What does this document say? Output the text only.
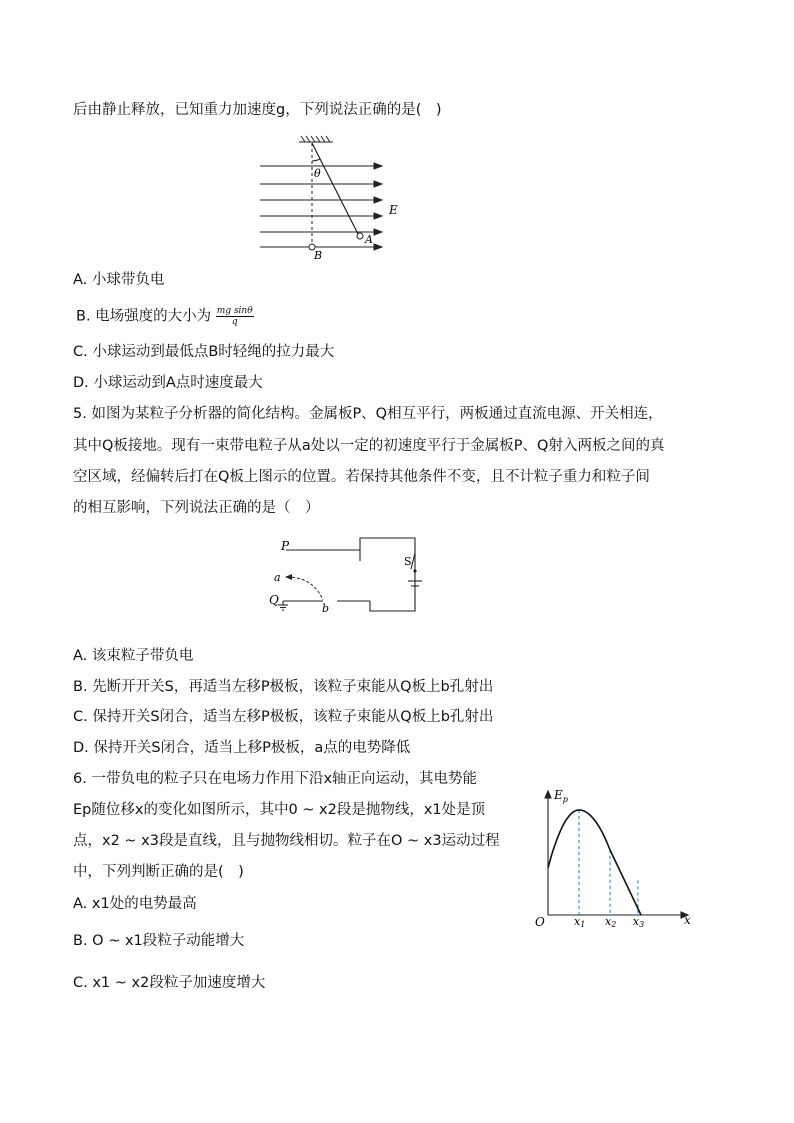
后由静止释放，已知重力加速度g，下列说法正确的是(　)
θ
E
A
B
A. 小球带负电
B. 电场强度的大小为 $\frac{\text{mg sinθ}}{q}$
C. 小球运动到最低点B时轻绳的拉力最大
D. 小球运动到A点时速度最大
5. 如图为某粒子分析器的简化结构。金属板P、Q相互平行，两板通过直流电源、开关相连，
其中Q板接地。现有一束带电粒子从a处以一定的初速度平行于金属板P、Q射入两板之间的真
空区域，经偏转后打在Q板上图示的位置。若保持其他条件不变，且不计粒子重力和粒子间
的相互影响，下列说法正确的是（　）
P
Q
S
a
b
A. 该束粒子带负电
B. 先断开开关S，再适当左移P极板，该粒子束能从Q板上b孔射出
C. 保持开关S闭合，适当左移P极板，该粒子束能从Q板上b孔射出
D. 保持开关S闭合，适当上移P极板，a点的电势降低
6. 一带负电的粒子只在电场力作用下沿x轴正向运动，其电势能
Ep随位移x的变化如图所示，其中0 ~ x2段是抛物线，x1处是顶
点，x2 ~ x3段是直线，且与抛物线相切。粒子在O ~ x3运动过程
中，下列判断正确的是(　)
A. x1处的电势最高
B. O ~ x1段粒子动能增大
C. x1 ~ x2段粒子加速度增大
x1 x2 x3
$E_p$
x
O
